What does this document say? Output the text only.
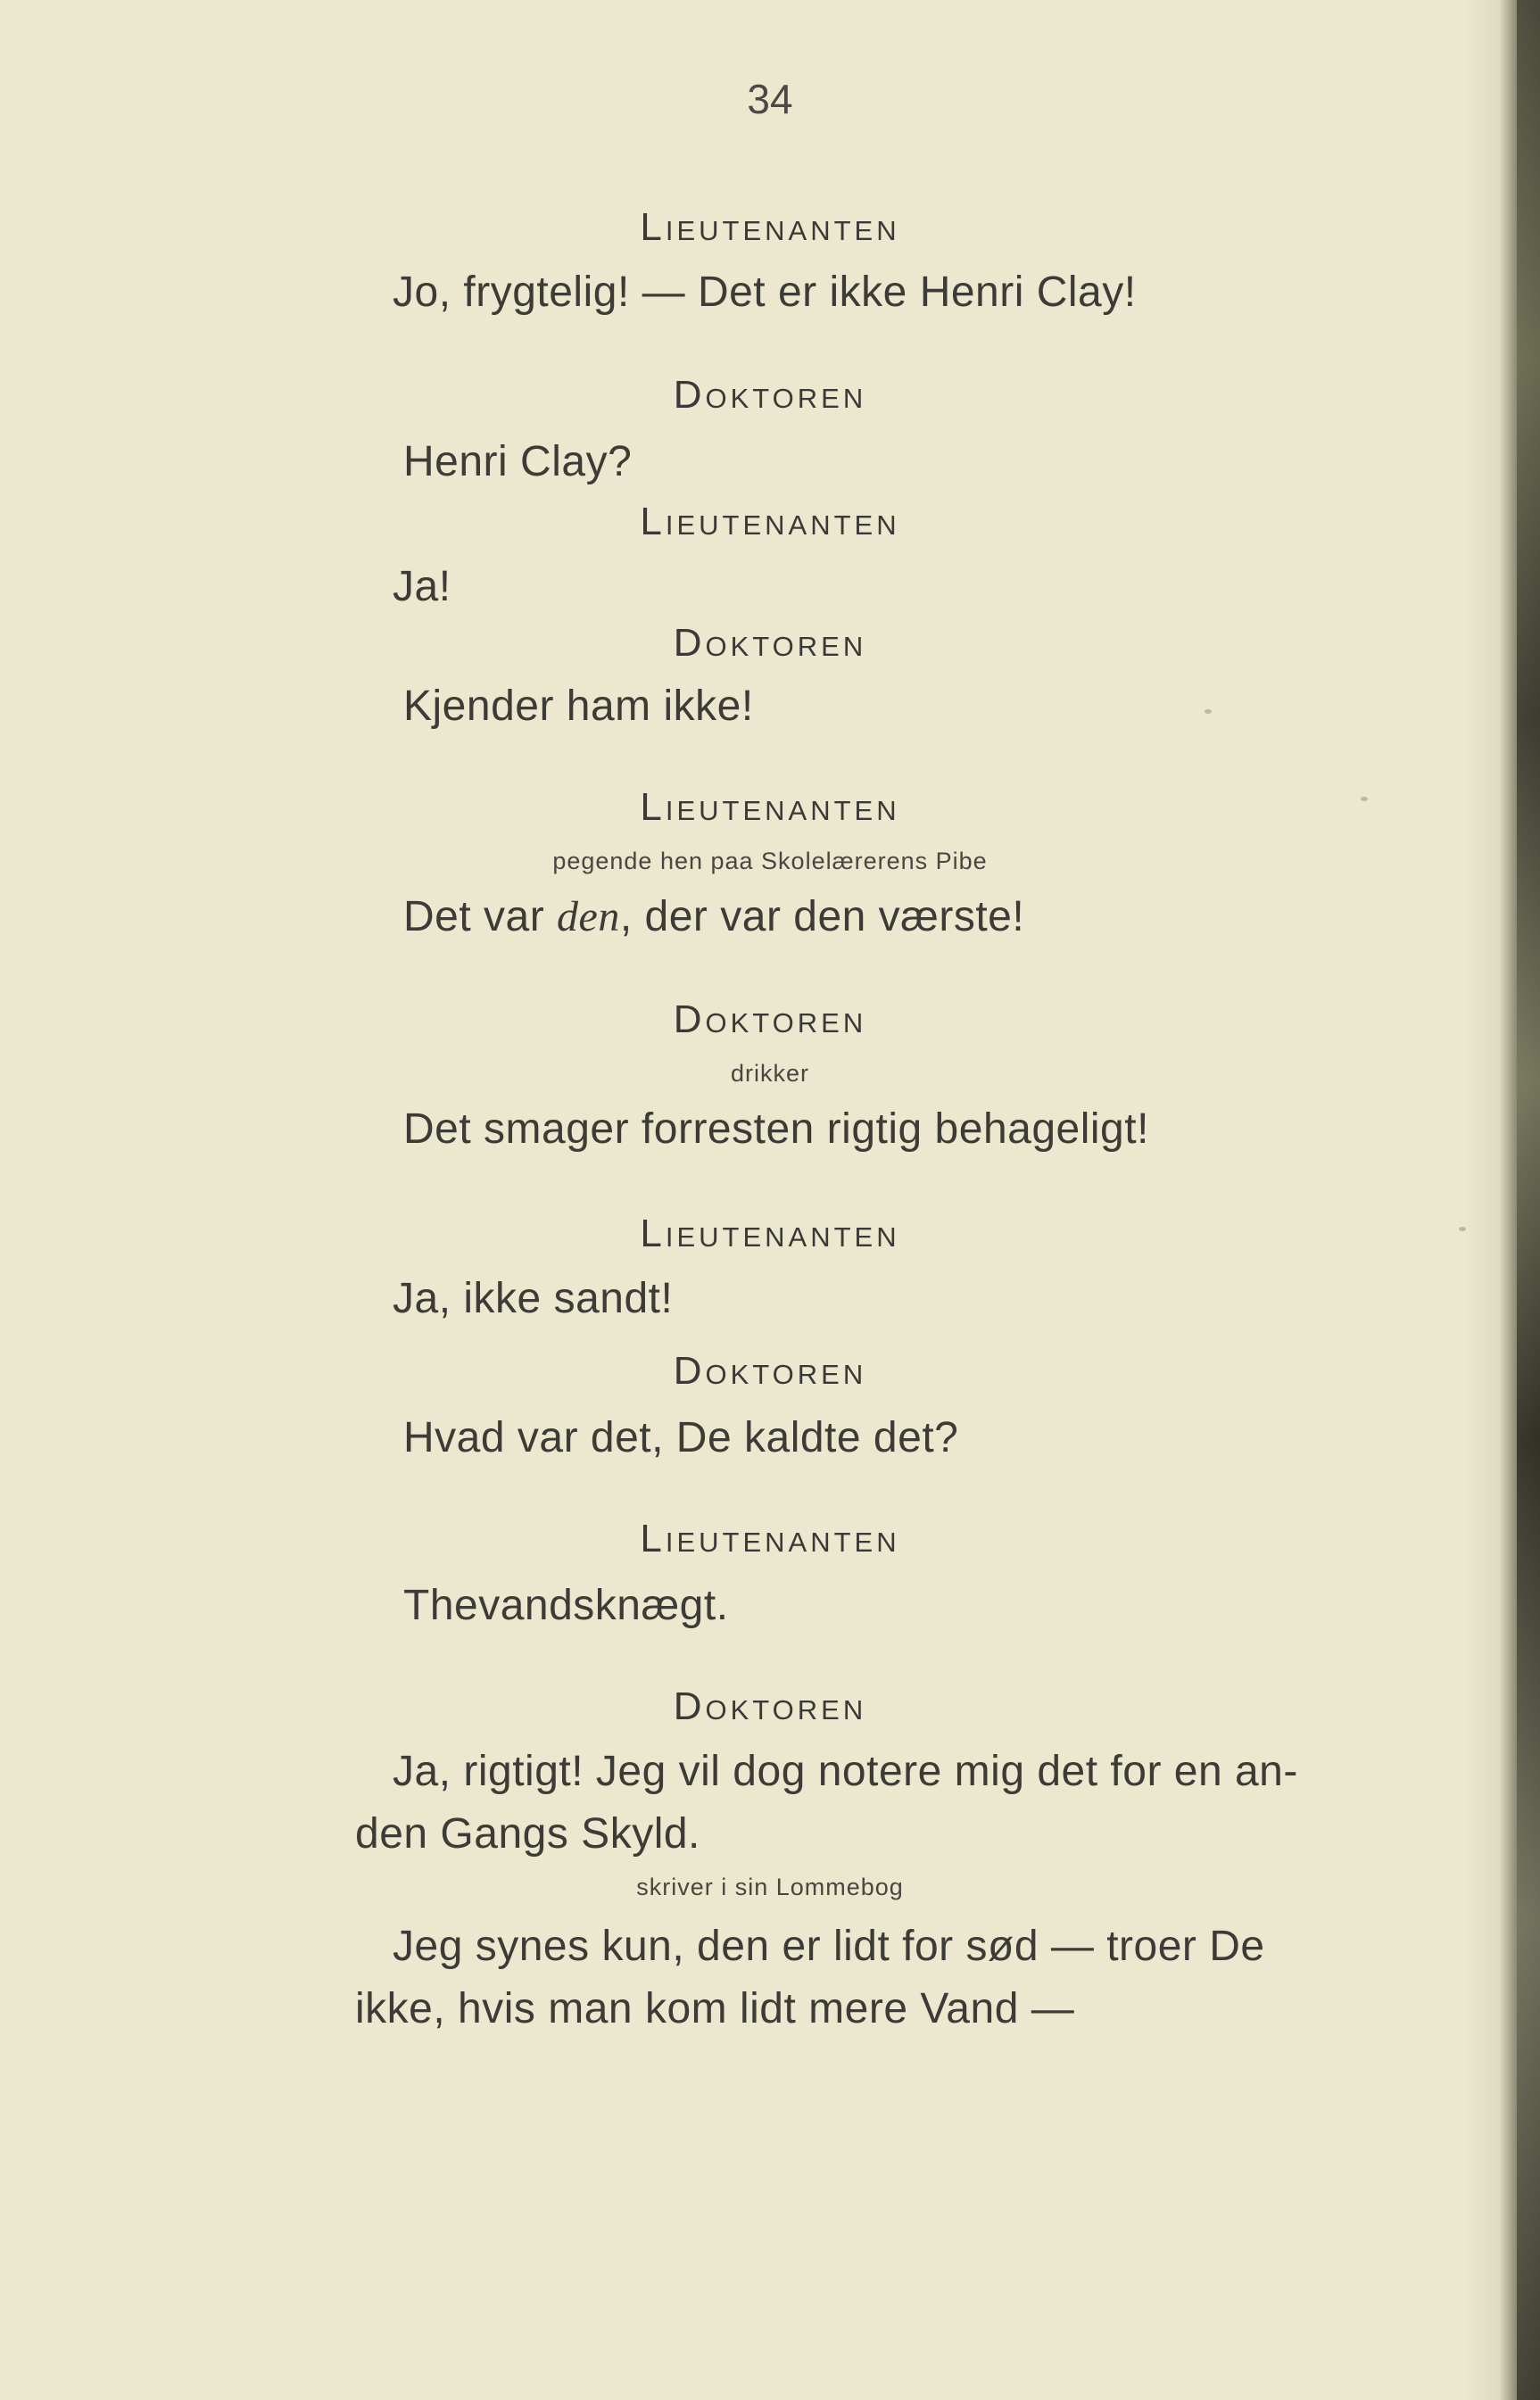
34
Lieutenanten
Jo, frygtelig! — Det er ikke Henri Clay!
Doktoren
Henri Clay?
Lieutenanten
Ja!
Doktoren
Kjender ham ikke!
Lieutenanten
pegende hen paa Skolelærerens Pibe
Det var den, der var den værste!
Doktoren
drikker
Det smager forresten rigtig behageligt!
Lieutenanten
Ja, ikke sandt!
Doktoren
Hvad var det, De kaldte det?
Lieutenanten
Thevandsknægt.
Doktoren
Ja, rigtigt! Jeg vil dog notere mig det for en an-
den Gangs Skyld.
skriver i sin Lommebog
Jeg synes kun, den er lidt for sød — troer De
ikke, hvis man kom lidt mere Vand —
